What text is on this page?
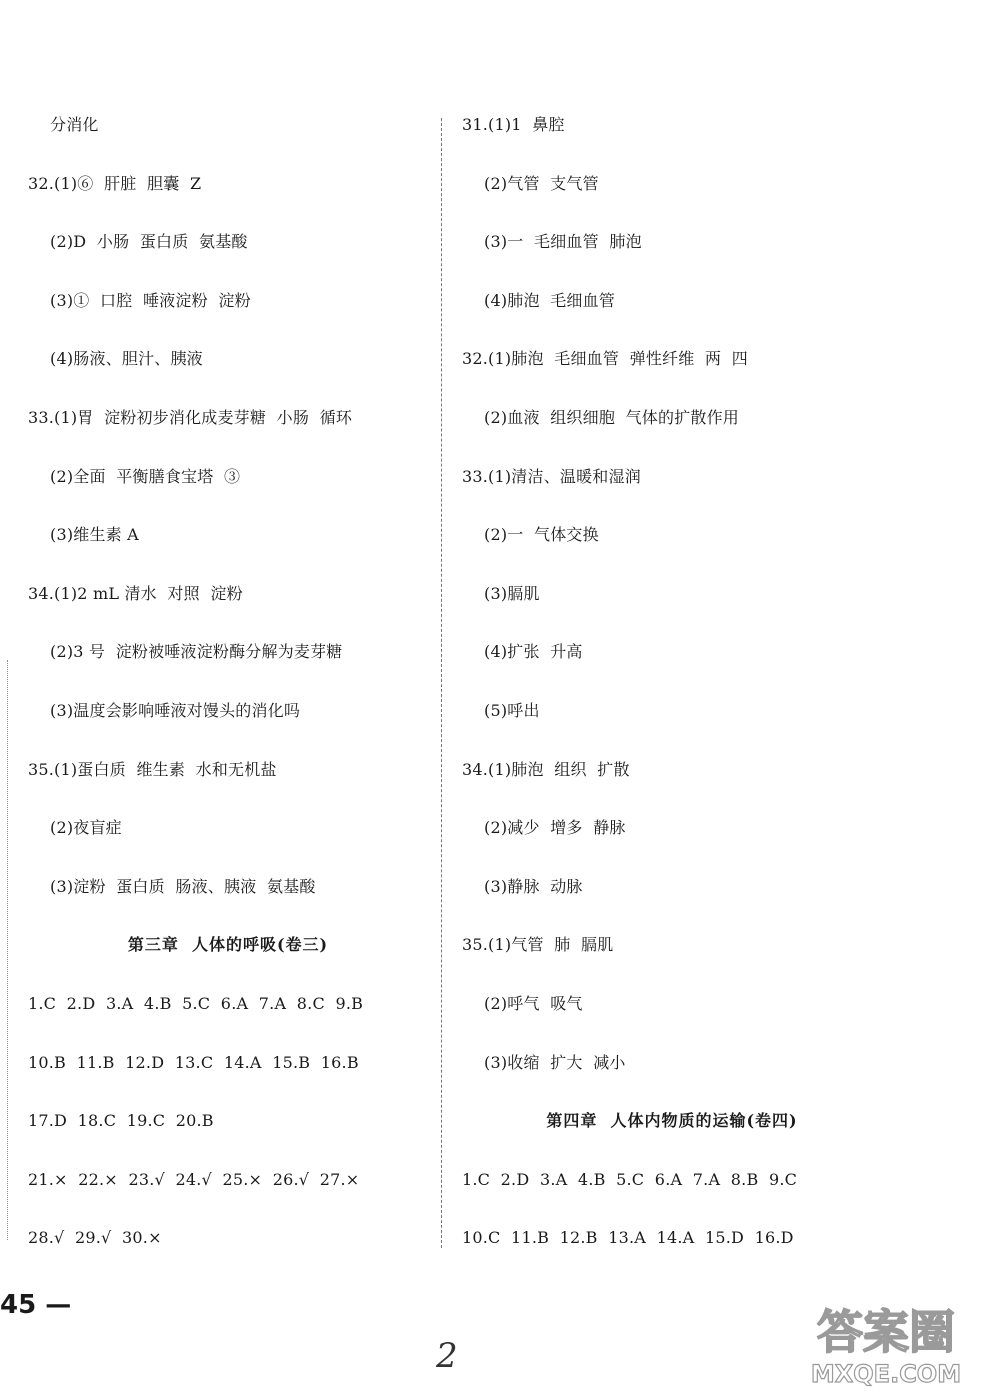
分消化
32.(1)⑥  肝脏  胆囊  Z
(2)D  小肠  蛋白质  氨基酸
(3)①  口腔  唾液淀粉  淀粉
(4)肠液、胆汁、胰液
33.(1)胃  淀粉初步消化成麦芽糖  小肠  循环
(2)全面  平衡膳食宝塔  ③
(3)维生素 A
34.(1)2 mL 清水  对照  淀粉
(2)3 号  淀粉被唾液淀粉酶分解为麦芽糖
(3)温度会影响唾液对馒头的消化吗
35.(1)蛋白质  维生素  水和无机盐
(2)夜盲症
(3)淀粉  蛋白质  肠液、胰液  氨基酸
第三章  人体的呼吸(卷三)
1.C  2.D  3.A  4.B  5.C  6.A  7.A  8.C  9.B
10.B  11.B  12.D  13.C  14.A  15.B  16.B
17.D  18.C  19.C  20.B
21.×  22.×  23.√  24.√  25.×  26.√  27.×
28.√  29.√  30.×
31.(1)1  鼻腔
(2)气管  支气管
(3)一  毛细血管  肺泡
(4)肺泡  毛细血管
32.(1)肺泡  毛细血管  弹性纤维  两  四
(2)血液  组织细胞  气体的扩散作用
33.(1)清洁、温暖和湿润
(2)一  气体交换
(3)膈肌
(4)扩张  升高
(5)呼出
34.(1)肺泡  组织  扩散
(2)减少  增多  静脉
(3)静脉  动脉
35.(1)气管  肺  膈肌
(2)呼气  吸气
(3)收缩  扩大  减小
第四章  人体内物质的运输(卷四)
1.C  2.D  3.A  4.B  5.C  6.A  7.A  8.B  9.C
10.C  11.B  12.B  13.A  14.A  15.D  16.D
45 —
2	答案圈
MXQE.COM
